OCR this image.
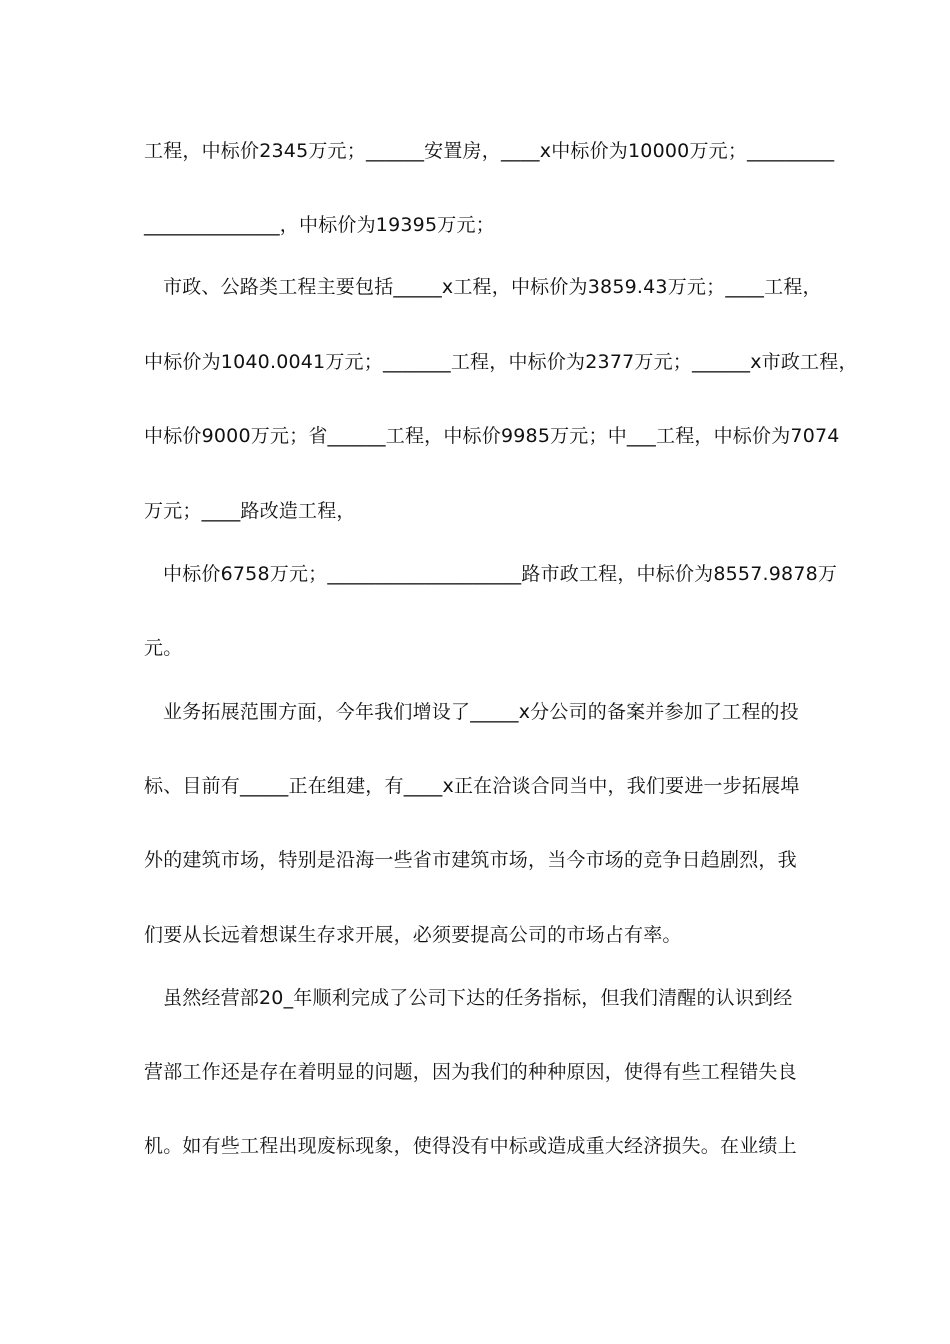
工程，中标价2345万元；______安置房，____x中标价为10000万元；_________
______________，中标价为19395万元；
市政、公路类工程主要包括_____x工程，中标价为3859.43万元；____工程，
中标价为1040.0041万元；_______工程，中标价为2377万元；______x市政工程，
中标价9000万元；省______工程，中标价9985万元；中___工程，中标价为7074
万元；____路改造工程，
中标价6758万元；____________________路市政工程，中标价为8557.9878万
元。
业务拓展范围方面，今年我们增设了_____x分公司的备案并参加了工程的投
标、目前有_____正在组建，有____x正在洽谈合同当中，我们要进一步拓展埠
外的建筑市场，特别是沿海一些省市建筑市场，当今市场的竞争日趋剧烈，我
们要从长远着想谋生存求开展，必须要提高公司的市场占有率。
虽然经营部20_年顺利完成了公司下达的任务指标，但我们清醒的认识到经
营部工作还是存在着明显的问题，因为我们的种种原因，使得有些工程错失良
机。如有些工程出现废标现象，使得没有中标或造成重大经济损失。在业绩上
